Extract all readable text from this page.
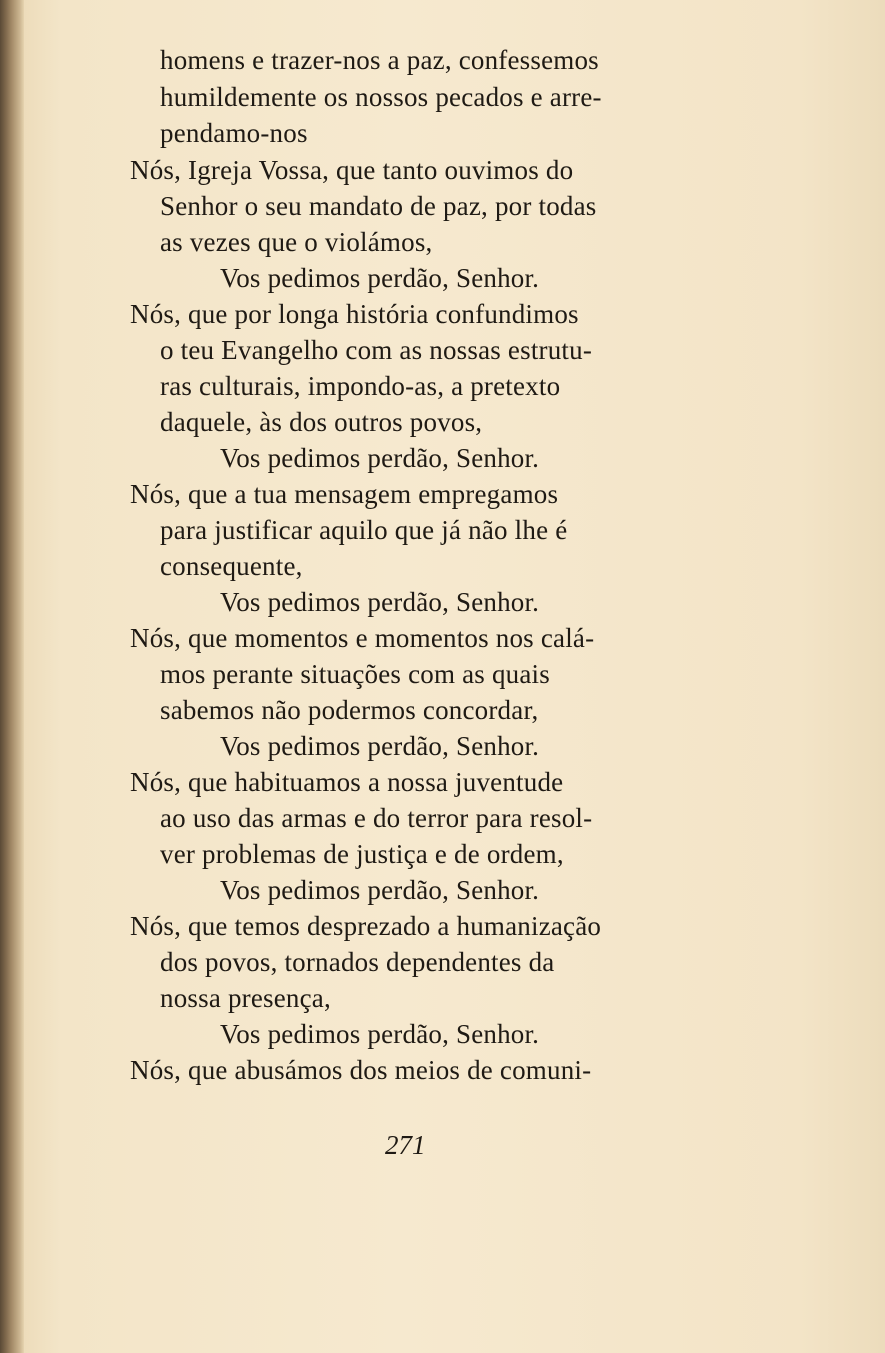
homens e trazer-nos a paz, confessemos
humildemente os nossos pecados e arre-
pendamo-nos
Nós, Igreja Vossa, que tanto ouvimos do
Senhor o seu mandato de paz, por todas
as vezes que o violámos,
Vos pedimos perdão, Senhor.
Nós, que por longa história confundimos
o teu Evangelho com as nossas estrutu-
ras culturais, impondo-as, a pretexto
daquele, às dos outros povos,
Vos pedimos perdão, Senhor.
Nós, que a tua mensagem empregamos
para justificar aquilo que já não lhe é
consequente,
Vos pedimos perdão, Senhor.
Nós, que momentos e momentos nos calá-
mos perante situações com as quais
sabemos não podermos concordar,
Vos pedimos perdão, Senhor.
Nós, que habituamos a nossa juventude
ao uso das armas e do terror para resol-
ver problemas de justiça e de ordem,
Vos pedimos perdão, Senhor.
Nós, que temos desprezado a humanização
dos povos, tornados dependentes da
nossa presença,
Vos pedimos perdão, Senhor.
Nós, que abusámos dos meios de comuni-
271
